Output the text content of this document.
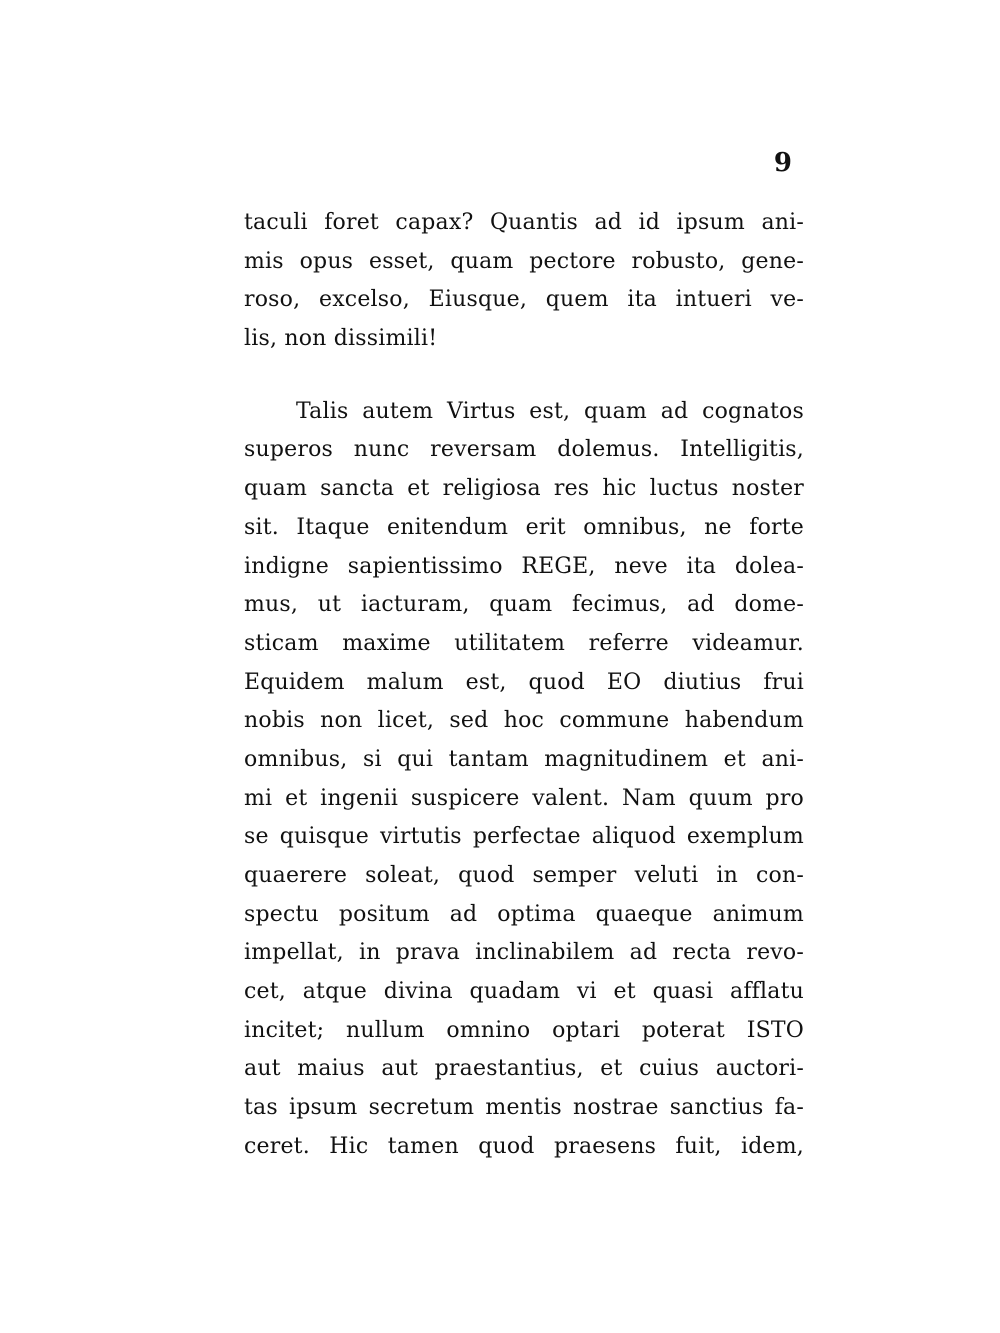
9
taculi foret capax? Quantis ad id ipsum ani-
mis opus esset, quam pectore robusto, gene-
roso, excelso, Eiusque, quem ita intueri ve-
lis, non dissimili!
Talis autem Virtus est, quam ad cognatos
superos nunc reversam dolemus. Intelligitis,
quam sancta et religiosa res hic luctus noster
sit. Itaque enitendum erit omnibus, ne forte
indigne sapientissimo REGE, neve ita dolea-
mus, ut iacturam, quam fecimus, ad dome-
sticam maxime utilitatem referre videamur.
Equidem malum est, quod EO diutius frui
nobis non licet, sed hoc commune habendum
omnibus, si qui tantam magnitudinem et ani-
mi et ingenii suspicere valent. Nam quum pro
se quisque virtutis perfectae aliquod exemplum
quaerere soleat, quod semper veluti in con-
spectu positum ad optima quaeque animum
impellat, in prava inclinabilem ad recta revo-
cet, atque divina quadam vi et quasi afflatu
incitet; nullum omnino optari poterat ISTO
aut maius aut praestantius, et cuius auctori-
tas ipsum secretum mentis nostrae sanctius fa-
ceret. Hic tamen quod praesens fuit, idem,
